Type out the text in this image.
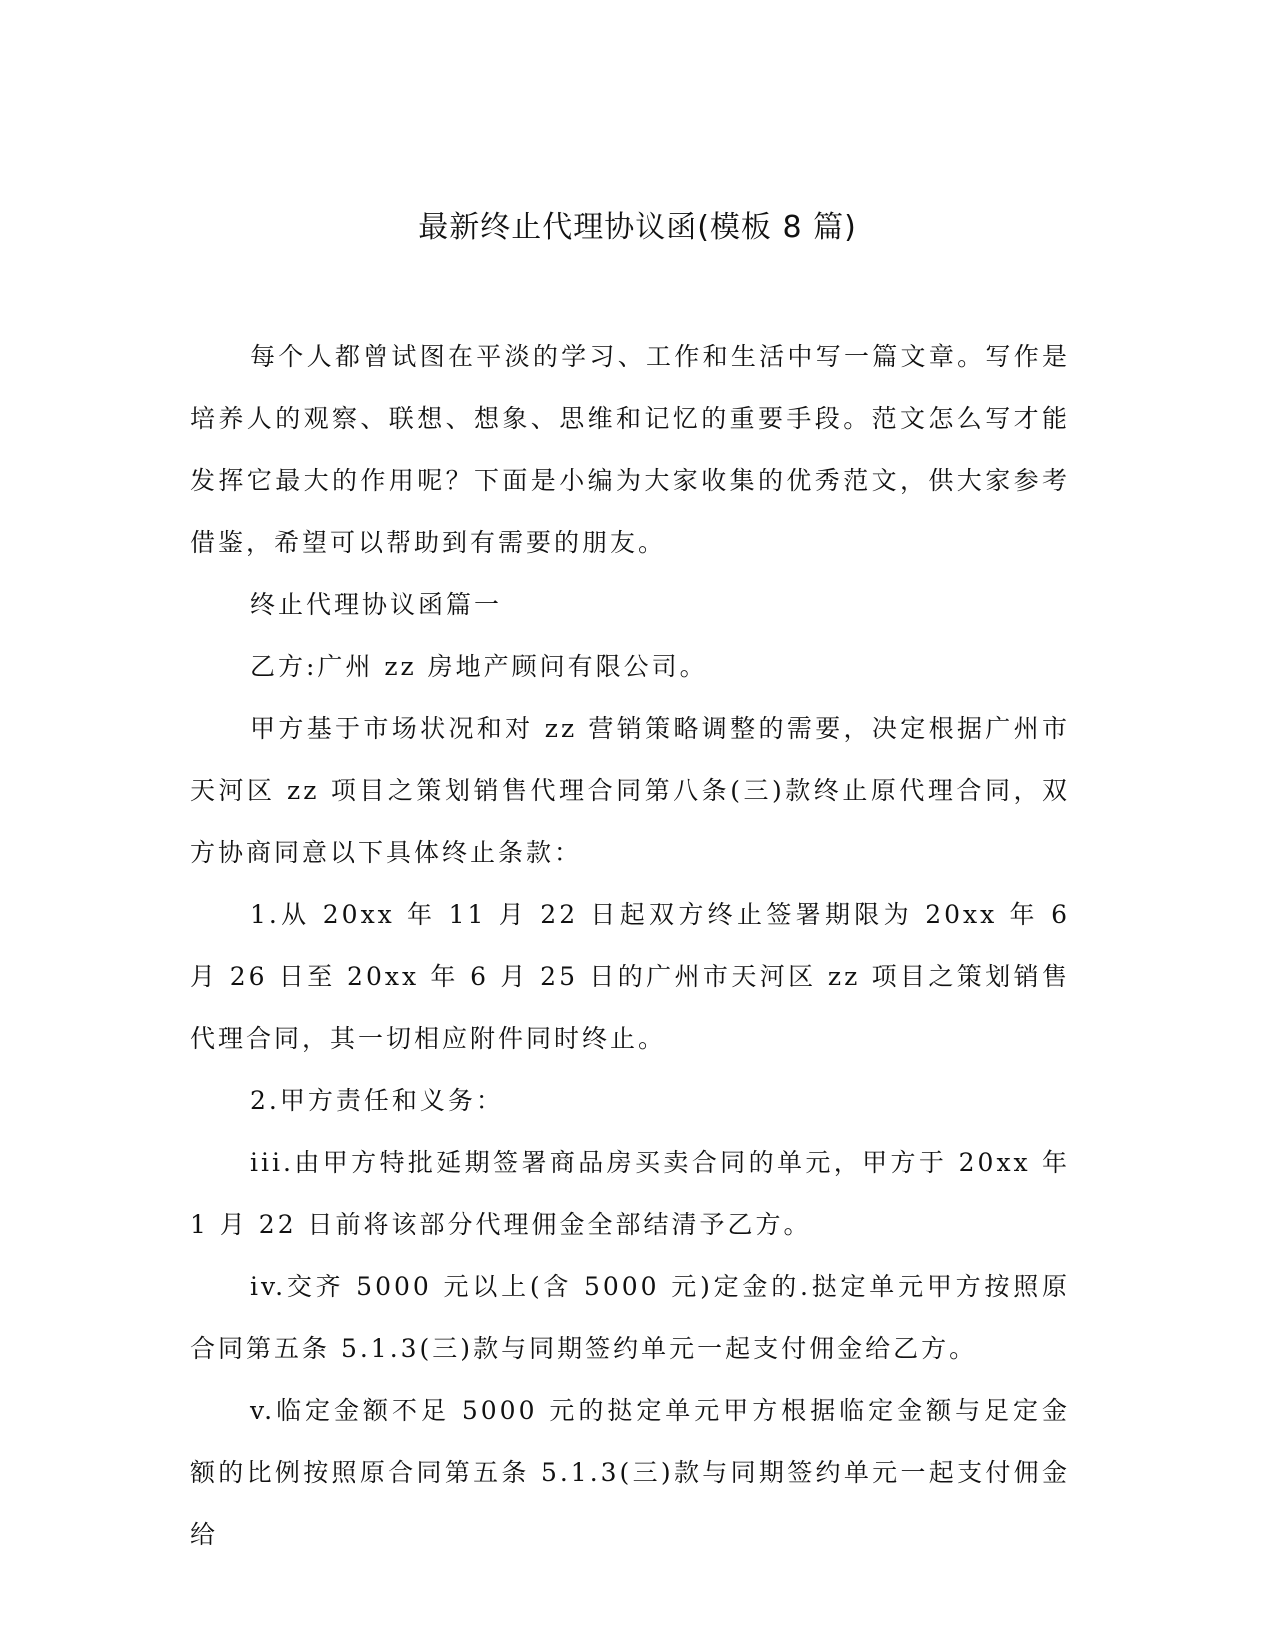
最新终止代理协议函(模板 8 篇)

每个人都曾试图在平淡的学习、工作和生活中写一篇文章。写作是培养人的观察、联想、想象、思维和记忆的重要手段。范文怎么写才能发挥它最大的作用呢？下面是小编为大家收集的优秀范文，供大家参考借鉴，希望可以帮助到有需要的朋友。

终止代理协议函篇一

乙方:广州 zz 房地产顾问有限公司。

甲方基于市场状况和对 zz 营销策略调整的需要，决定根据广州市天河区 zz 项目之策划销售代理合同第八条(三)款终止原代理合同，双方协商同意以下具体终止条款：

1.从 20xx 年 11 月 22 日起双方终止签署期限为 20xx 年 6 月 26 日至 20xx 年 6 月 25 日的广州市天河区 zz 项目之策划销售代理合同，其一切相应附件同时终止。

2.甲方责任和义务：

iii.由甲方特批延期签署商品房买卖合同的单元，甲方于 20xx 年 1 月 22 日前将该部分代理佣金全部结清予乙方。

iv.交齐 5000 元以上(含 5000 元)定金的.挞定单元甲方按照原合同第五条 5.1.3(三)款与同期签约单元一起支付佣金给乙方。

v.临定金额不足 5000 元的挞定单元甲方根据临定金额与足定金额的比例按照原合同第五条 5.1.3(三)款与同期签约单元一起支付佣金给
